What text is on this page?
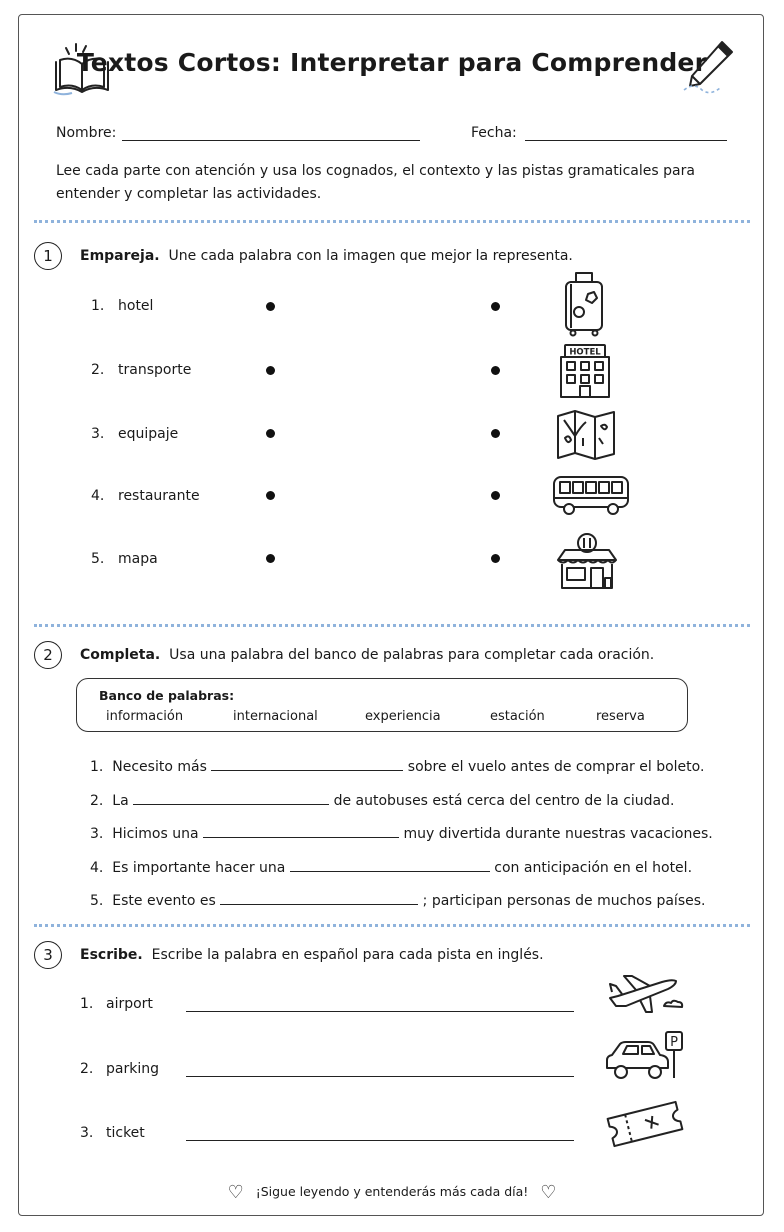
Textos Cortos: Interpretar para Comprender
Nombre:	Fecha:
Lee cada parte con atención y usa los cognados, el contexto y las pistas gramaticales para entender y completar las actividades.
1	Empareja. Une cada palabra con la imagen que mejor la representa.
1. hotel
2. transporte
3. equipaje
4. restaurante
5. mapa
HOTEL
2	Completa. Usa una palabra del banco de palabras para completar cada oración.
Banco de palabras:
información	internacional	experiencia	estación	reserva
1. Necesito más	sobre el vuelo antes de comprar el boleto.
2. La	de autobuses está cerca del centro de la ciudad.
3. Hicimos una	muy divertida durante nuestras vacaciones.
4. Es importante hacer una	con anticipación en el hotel.
5. Este evento es	; participan personas de muchos países.
3	Escribe. Escribe la palabra en español para cada pista en inglés.
1. airport
2. parking
3. ticket
P
♡ ¡Sigue leyendo y entenderás más cada día! ♡
